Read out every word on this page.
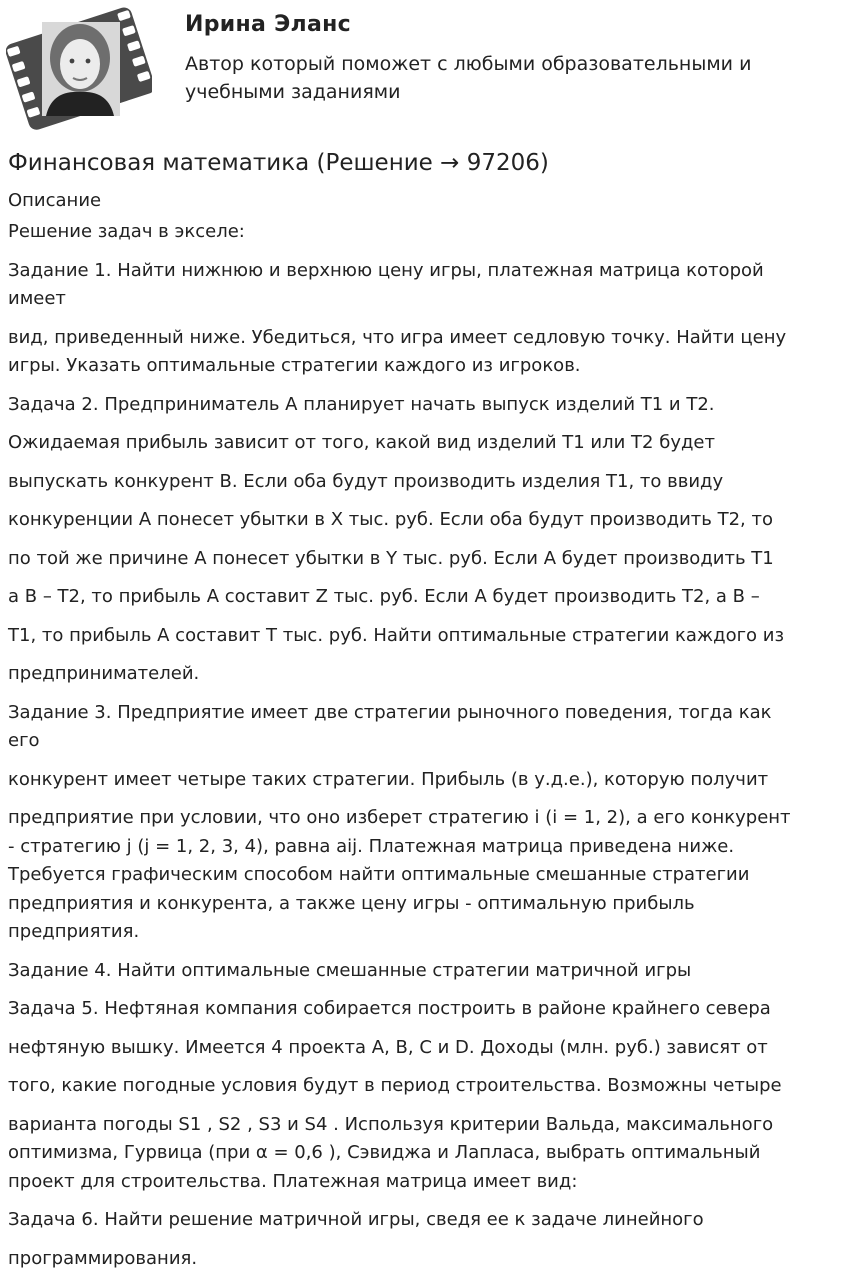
Ирина Эланс
Автор который поможет с любыми образовательными и
учебными заданиями
Финансовая математика (Решение → 97206)
Описание

Решение задач в экселе:

Задание 1. Найти нижнюю и верхнюю цену игры, платежная матрица которой

имеет

вид, приведенный ниже. Убедиться, что игра имеет седловую точку. Найти цену

игры. Указать оптимальные стратегии каждого из игроков.

Задача 2. Предприниматель А планирует начать выпуск изделий Т1 и Т2.

Ожидаемая прибыль зависит от того, какой вид изделий Т1 или Т2 будет

выпускать конкурент В. Если оба будут производить изделия Т1, то ввиду

конкуренции А понесет убытки в X тыс. руб. Если оба будут производить Т2, то

по той же причине А понесет убытки в Y тыс. руб. Если А будет производить Т1

а В – Т2, то прибыль А составит Z тыс. руб. Если А будет производить Т2, а В –

Т1, то прибыль А составит T тыс. руб. Найти оптимальные стратегии каждого из

предпринимателей.

Задание 3. Предприятие имеет две стратегии рыночного поведения, тогда как

его

конкурент имеет четыре таких стратегии. Прибыль (в у.д.е.), которую получит

предприятие при условии, что оно изберет стратегию i (i = 1, 2), а его конкурент

- стратегию j (j = 1, 2, 3, 4), равна aij. Платежная матрица приведена ниже.

Требуется графическим способом найти оптимальные смешанные стратегии

предприятия и конкурента, а также цену игры - оптимальную прибыль

предприятия.

Задание 4. Найти оптимальные смешанные стратегии матричной игры

Задача 5. Нефтяная компания собирается построить в районе крайнего севера

нефтяную вышку. Имеется 4 проекта A, B, C и D. Доходы (млн. руб.) зависят от

того, какие погодные условия будут в период строительства. Возможны четыре

варианта погоды S1 , S2 , S3 и S4 . Используя критерии Вальда, максимального

оптимизма, Гурвица (при α = 0,6 ), Сэвиджа и Лапласа, выбрать оптимальный

проект для строительства. Платежная матрица имеет вид:

Задача 6. Найти решение матричной игры, сведя ее к задаче линейного

программирования.
